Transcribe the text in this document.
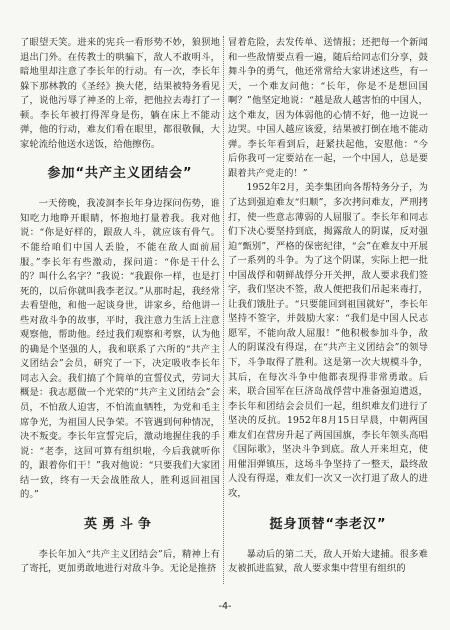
了眼望天笑。进来的宪兵一看形势不妙，狼狈地退出门外。在传教士的哄骗下，敌人不敢明斗，暗地里却注意了李长年的行动。有一次，李长年躲下那林教的《圣经》换大佬，结果被特务看见了，说他污辱了神圣的上帝，把他拉去毒打了一顿。李长年被打得浑身是伤，躺在床上不能动弹，他的行动，难友们看在眼里，都很敬佩，大家轮流给他送水送饭，给他擦伤。

参加“共产主义团结会”

一天傍晚，我凌洞李长年身边探问伤势，谁知吃力地睁开眼睛，怀抱地打量着我。我对他说：“你是好样的，跟敌人斗，就应该有骨气。不能给咱们中国人丢脸，不能在敌人面前屈服。”李长年有些激动，探问道：“你是干什么的？叫什么名字？”我说：“我跟你一样，也是打死的，以后你就叫我李老汉。”从那时起，我经常去看望他，和他一起谈身世，讲家乡，给他讲一些对敌斗争的故事，平时，我注意力生活上注意观察他，帮助他。经过我们观察和考察，认为他的确是个坚强的人，我和联系了六所的“共产主义团结会”会员，研究了一下，决定吸收李长年同志入会。我们搞了个简单的宣誓仪式，劳词大概是：我志愿做一个光荣的“共产主义团结会”会员，不怕敌人迫害，不怕流血牺牲，为党和毛主席争光，为祖国人民争荣。不管遇到何种情况，决不叛变。李长年宣誓完后，激动地握住我的手说：“老李，这回可算有组织啦，今后我就听你的，跟着你们干！”我对他说：“只要我们大家团结一致，终有一天会战胜敌人，胜利返回祖国的。”

英勇斗争

李长年加入“共产主义团结会”后，精神上有了寄托，更加勇敢地进行对敌斗争。无论是推挤

冒着危险，去发传单、送情报；还把每一个新闻和一些敌情要点看一遍，随后给同志们分享，鼓舞斗争的勇气，他还常常给大家讲述这些，有一天，一个难友问他：“长年，你是不是想回国啊？”他坚定地说：“越是敌人越害怕的中国人，这个难友，因为体弱他的心情不好，他一边说一边哭。中国人越应该爱，结果被打倒在地不能动弹。李长年看到后，赶紧扶起他，安慰他：“今后你我可一定要站在一起，一个中国人，总是要跟着共产党走的！”

1952年2月，美李集团向各帮特务分子，为了达到强迫难友“归顺”，多次拷问难友，严刑拷打，使一些意志薄弱的人屈服了。李长年和同志们下决心要坚持到底，揭露敌人的阴谋，反对强迫“甄别”，严格的保密纪律，“会”在难友中开展了一系列的斗争。为了这个阴谋，实际上把一批中国战俘和朝鲜战俘分开关押，敌人要求我们签字，我们坚决不签，敌人便把我们吊起来毒打，让我们饿肚子。“只要能回到祖国就好”，李长年坚持不签字，并鼓励大家：“我们是中国人民志愿军，不能向敌人屈服！”他积极参加斗争，敌人的阴谋没有得逞，在“共产主义团结会”的领导下，斗争取得了胜利。这是第一次大规模斗争，其后，在每次斗争中他都表现得非常勇敢。后来，联合国军在巨济岛战俘营中准备强迫遣返，李长年和团结会会员们一起，组织难友们进行了坚决的反抗。1952年8月15日早晨，中朝两国难友们在营房升起了两国国旗，李长年领头高唱《国际歌》，坚决斗争到底。敌人开来坦克，使用催泪弹镇压，这场斗争坚持了一整天，最终敌人没有得逞，难友们一次又一次打退了敌人的进攻，

挺身顶替“李老汉”

暴动后的第二天，敌人开始大逮捕。很多难友被抓进监狱，敌人要求集中营里有组织的

-4-
